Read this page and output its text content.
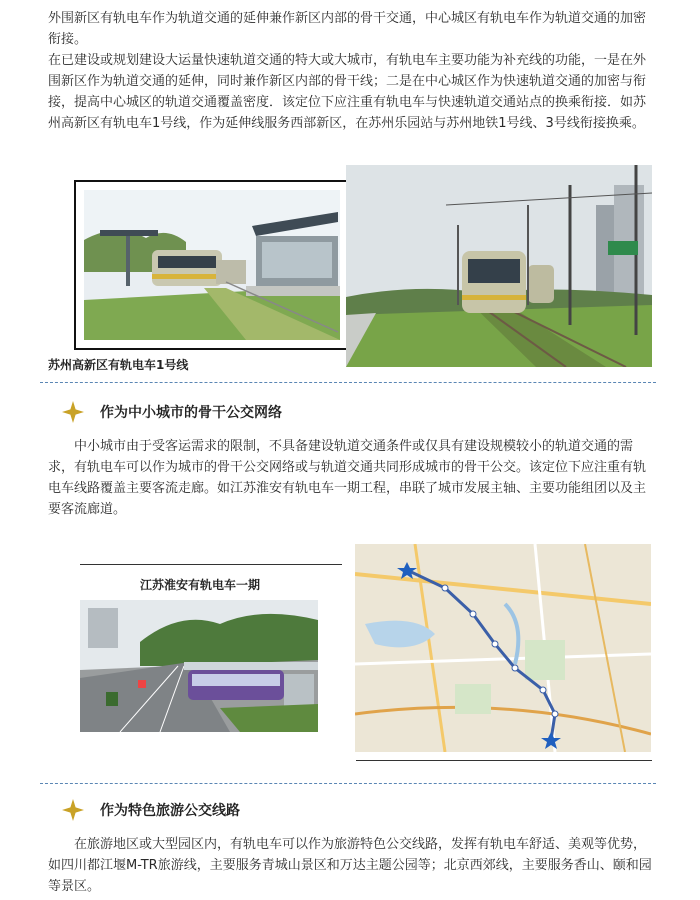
外围新区有轨电车作为轨道交通的延伸兼作新区内部的骨干交通，中心城区有轨电车作为轨道交通的加密衔接。

在已建设或规划建设大运量快速轨道交通的特大或大城市，有轨电车主要功能为补充线的功能，一是在外围新区作为轨道交通的延伸，同时兼作新区内部的骨干线；二是在中心城区作为快速轨道交通的加密与衔接，提高中心城区的轨道交通覆盖密度．该定位下应注重有轨电车与快速轨道交通站点的换乘衔接．如苏州高新区有轨电车1号线，作为延伸线服务西部新区，在苏州乐园站与苏州地铁1号线、3号线衔接换乘。

苏州高新区有轨电车1号线
作为中小城市的骨干公交网络

中小城市由于受客运需求的限制，不具备建设轨道交通条件或仅具有建设规模较小的轨道交通的需求，有轨电车可以作为城市的骨干公交网络或与轨道交通共同形成城市的骨干公交。该定位下应注重有轨电车线路覆盖主要客流走廊。如江苏淮安有轨电车一期工程，串联了城市发展主轴、主要功能组团以及主要客流廊道。

江苏淮安有轨电车一期
作为特色旅游公交线路

在旅游地区或大型园区内，有轨电车可以作为旅游特色公交线路，发挥有轨电车舒适、美观等优势，如四川都江堰M-TR旅游线，主要服务青城山景区和万达主题公园等；北京西郊线，主要服务香山、颐和园等景区。
